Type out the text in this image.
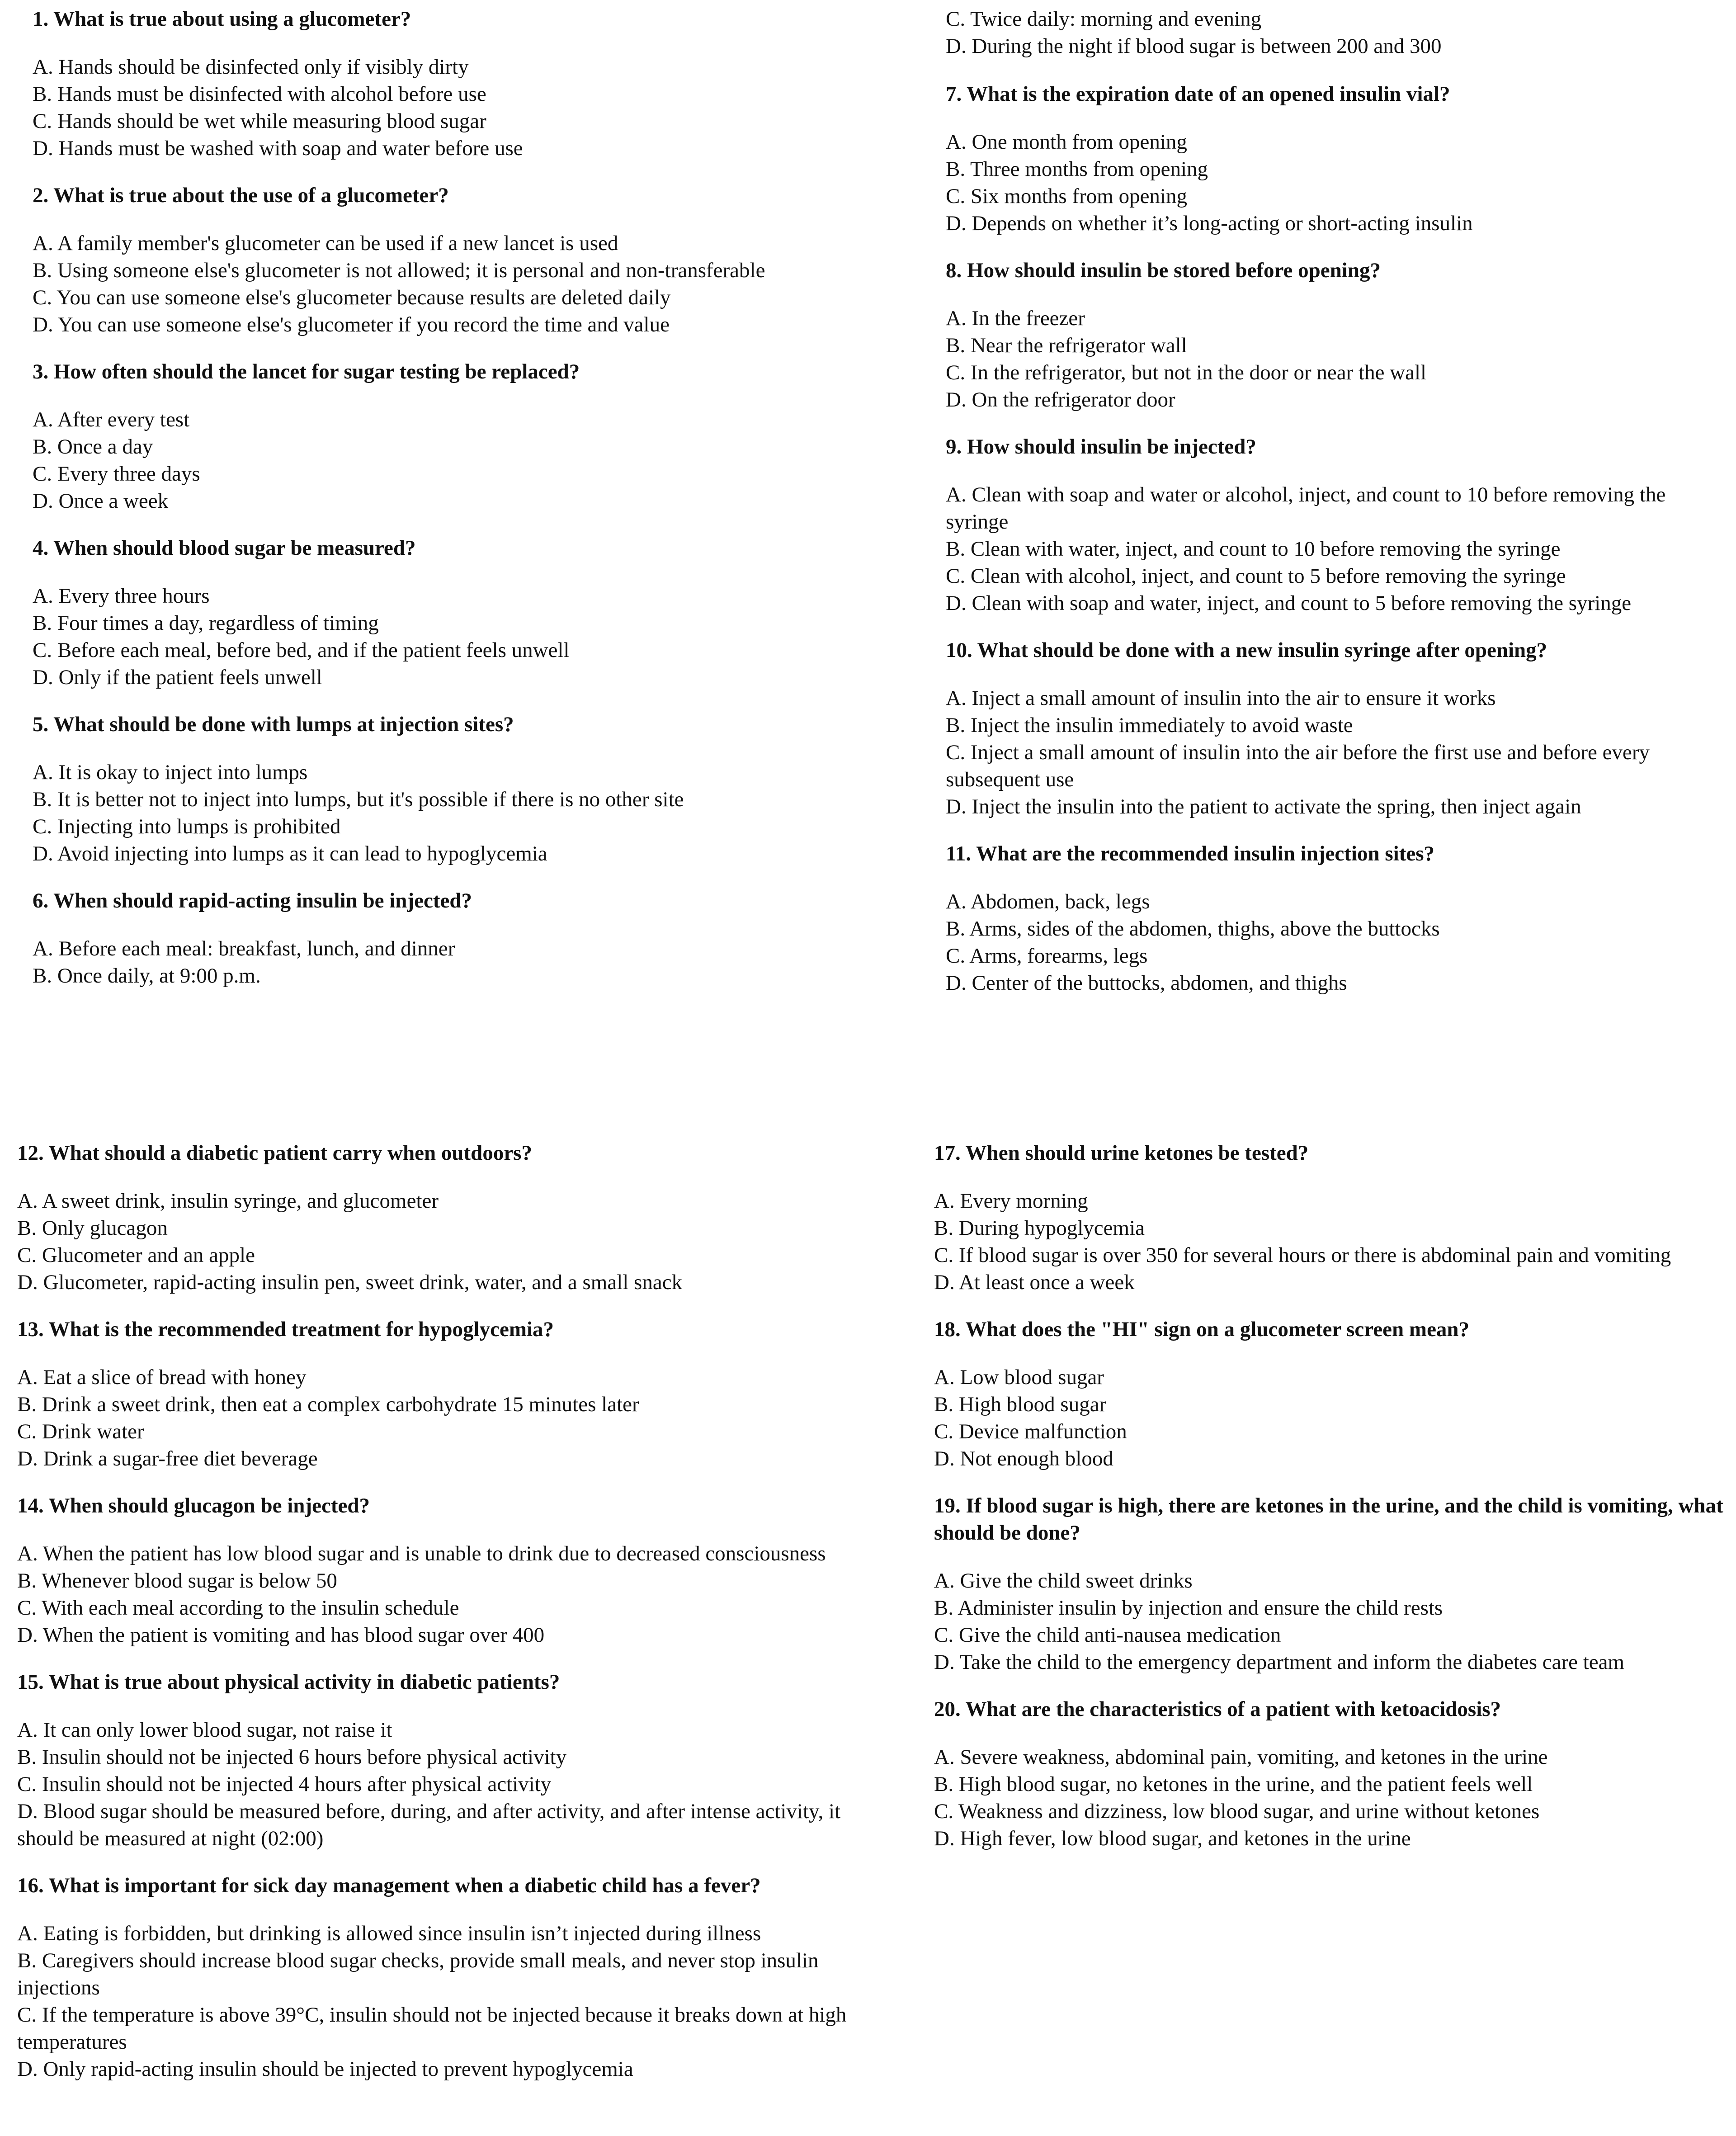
1. What is true about using a glucometer?

A. Hands should be disinfected only if visibly dirty

B. Hands must be disinfected with alcohol before use

C. Hands should be wet while measuring blood sugar

D. Hands must be washed with soap and water before use

2. What is true about the use of a glucometer?

A. A family member's glucometer can be used if a new lancet is used

B. Using someone else's glucometer is not allowed; it is personal and non-transferable

C. You can use someone else's glucometer because results are deleted daily

D. You can use someone else's glucometer if you record the time and value

3. How often should the lancet for sugar testing be replaced?

A. After every test

B. Once a day

C. Every three days

D. Once a week

4. When should blood sugar be measured?

A. Every three hours

B. Four times a day, regardless of timing

C. Before each meal, before bed, and if the patient feels unwell

D. Only if the patient feels unwell

5. What should be done with lumps at injection sites?

A. It is okay to inject into lumps

B. It is better not to inject into lumps, but it's possible if there is no other site

C. Injecting into lumps is prohibited

D. Avoid injecting into lumps as it can lead to hypoglycemia

6. When should rapid-acting insulin be injected?

A. Before each meal: breakfast, lunch, and dinner

B. Once daily, at 9:00 p.m.

C. Twice daily: morning and evening

D. During the night if blood sugar is between 200 and 300

7. What is the expiration date of an opened insulin vial?

A. One month from opening

B. Three months from opening

C. Six months from opening

D. Depends on whether it’s long-acting or short-acting insulin

8. How should insulin be stored before opening?

A. In the freezer

B. Near the refrigerator wall

C. In the refrigerator, but not in the door or near the wall

D. On the refrigerator door

9. How should insulin be injected?

A. Clean with soap and water or alcohol, inject, and count to 10 before removing the syringe

B. Clean with water, inject, and count to 10 before removing the syringe

C. Clean with alcohol, inject, and count to 5 before removing the syringe

D. Clean with soap and water, inject, and count to 5 before removing the syringe

10. What should be done with a new insulin syringe after opening?

A. Inject a small amount of insulin into the air to ensure it works

B. Inject the insulin immediately to avoid waste

C. Inject a small amount of insulin into the air before the first use and before every subsequent use

D. Inject the insulin into the patient to activate the spring, then inject again

11. What are the recommended insulin injection sites?

A. Abdomen, back, legs

B. Arms, sides of the abdomen, thighs, above the buttocks

C. Arms, forearms, legs

D. Center of the buttocks, abdomen, and thighs

12. What should a diabetic patient carry when outdoors?

A. A sweet drink, insulin syringe, and glucometer

B. Only glucagon

C. Glucometer and an apple

D. Glucometer, rapid-acting insulin pen, sweet drink, water, and a small snack

13. What is the recommended treatment for hypoglycemia?

A. Eat a slice of bread with honey

B. Drink a sweet drink, then eat a complex carbohydrate 15 minutes later

C. Drink water

D. Drink a sugar-free diet beverage

14. When should glucagon be injected?

A. When the patient has low blood sugar and is unable to drink due to decreased consciousness

B. Whenever blood sugar is below 50

C. With each meal according to the insulin schedule

D. When the patient is vomiting and has blood sugar over 400

15. What is true about physical activity in diabetic patients?

A. It can only lower blood sugar, not raise it

B. Insulin should not be injected 6 hours before physical activity

C. Insulin should not be injected 4 hours after physical activity

D. Blood sugar should be measured before, during, and after activity, and after intense activity, it should be measured at night (02:00)

16. What is important for sick day management when a diabetic child has a fever?

A. Eating is forbidden, but drinking is allowed since insulin isn’t injected during illness

B. Caregivers should increase blood sugar checks, provide small meals, and never stop insulin injections

C. If the temperature is above 39°C, insulin should not be injected because it breaks down at high temperatures

D. Only rapid-acting insulin should be injected to prevent hypoglycemia

17. When should urine ketones be tested?

A. Every morning

B. During hypoglycemia

C. If blood sugar is over 350 for several hours or there is abdominal pain and vomiting

D. At least once a week

18. What does the "HI" sign on a glucometer screen mean?

A. Low blood sugar

B. High blood sugar

C. Device malfunction

D. Not enough blood

19. If blood sugar is high, there are ketones in the urine, and the child is vomiting, what should be done?

A. Give the child sweet drinks

B. Administer insulin by injection and ensure the child rests

C. Give the child anti-nausea medication

D. Take the child to the emergency department and inform the diabetes care team

20. What are the characteristics of a patient with ketoacidosis?

A. Severe weakness, abdominal pain, vomiting, and ketones in the urine

B. High blood sugar, no ketones in the urine, and the patient feels well

C. Weakness and dizziness, low blood sugar, and urine without ketones

D. High fever, low blood sugar, and ketones in the urine
